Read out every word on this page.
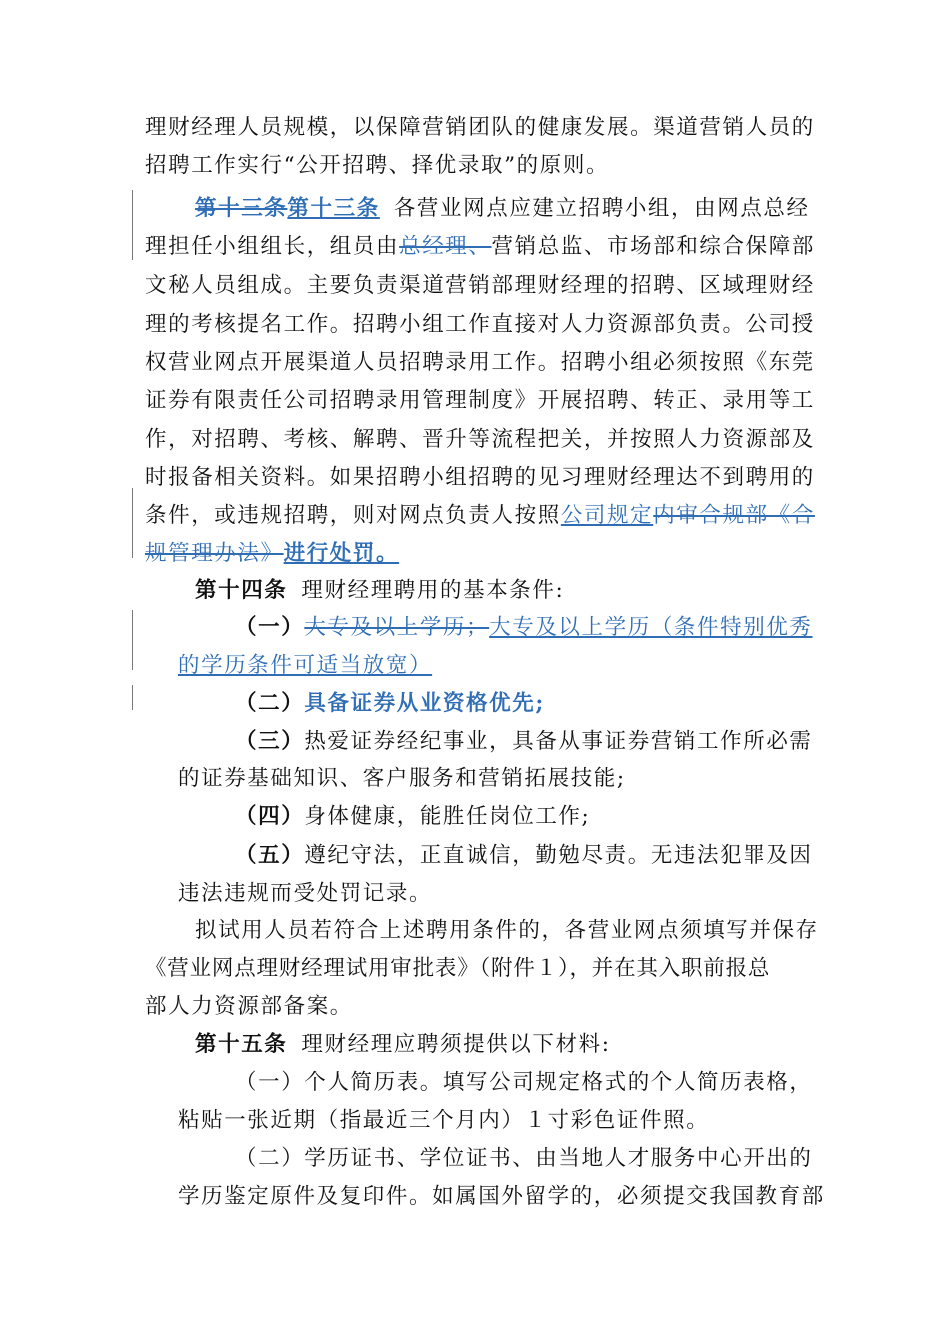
理财经理人员规模，以保障营销团队的健康发展。渠道营销人员的
招聘工作实行“公开招聘、择优录取”的原则。
第十三条第十三条 各营业网点应建立招聘小组，由网点总经
理担任小组组长，组员由总经理、营销总监、市场部和综合保障部
文秘人员组成。主要负责渠道营销部理财经理的招聘、区域理财经
理的考核提名工作。招聘小组工作直接对人力资源部负责。公司授
权营业网点开展渠道人员招聘录用工作。招聘小组必须按照《东莞
证券有限责任公司招聘录用管理制度》开展招聘、转正、录用等工
作，对招聘、考核、解聘、晋升等流程把关，并按照人力资源部及
时报备相关资料。如果招聘小组招聘的见习理财经理达不到聘用的
条件，或违规招聘，则对网点负责人按照公司规定内审合规部《合
规管理办法》进行处罚。
第十四条 理财经理聘用的基本条件:
（一）大专及以上学历；大专及以上学历（条件特别优秀
的学历条件可适当放宽）
（二）具备证券从业资格优先;
（三）热爱证券经纪事业，具备从事证券营销工作所必需
的证券基础知识、客户服务和营销拓展技能;
（四）身体健康，能胜任岗位工作;
（五）遵纪守法，正直诚信，勤勉尽责。无违法犯罪及因
违法违规而受处罚记录。
拟试用人员若符合上述聘用条件的，各营业网点须填写并保存
《营业网点理财经理试用审批表》（附件１），并在其入职前报总
部人力资源部备案。
第十五条 理财经理应聘须提供以下材料:
（一）个人简历表。填写公司规定格式的个人简历表格，
粘贴一张近期（指最近三个月内）１寸彩色证件照。
（二）学历证书、学位证书、由当地人才服务中心开出的
学历鉴定原件及复印件。如属国外留学的，必须提交我国教育部
